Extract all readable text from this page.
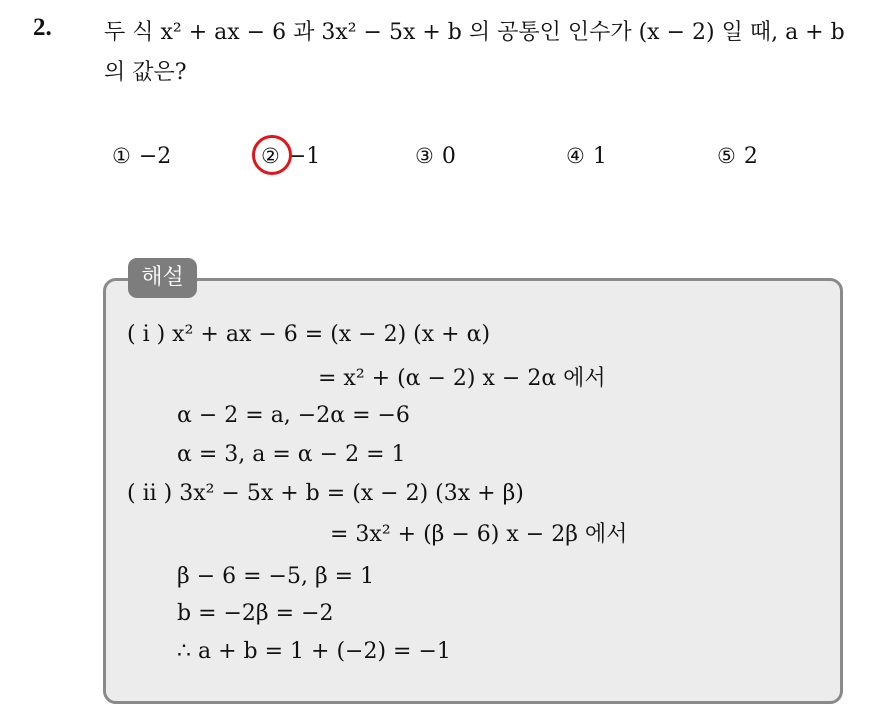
2. 두 식 x² + ax − 6 과 3x² − 5x + b 의 공통인 인수가 (x − 2) 일 때, a + b
의 값은?
① −2	② −1	③ 0	④ 1	⑤ 2
해설
( i ) x² + ax − 6 = (x − 2) (x + α)
= x² + (α − 2) x − 2α 에서
α − 2 = a, −2α = −6
α = 3, a = α − 2 = 1
( ii ) 3x² − 5x + b = (x − 2) (3x + β)
= 3x² + (β − 6) x − 2β 에서
β − 6 = −5, β = 1
b = −2β = −2
∴ a + b = 1 + (−2) = −1
